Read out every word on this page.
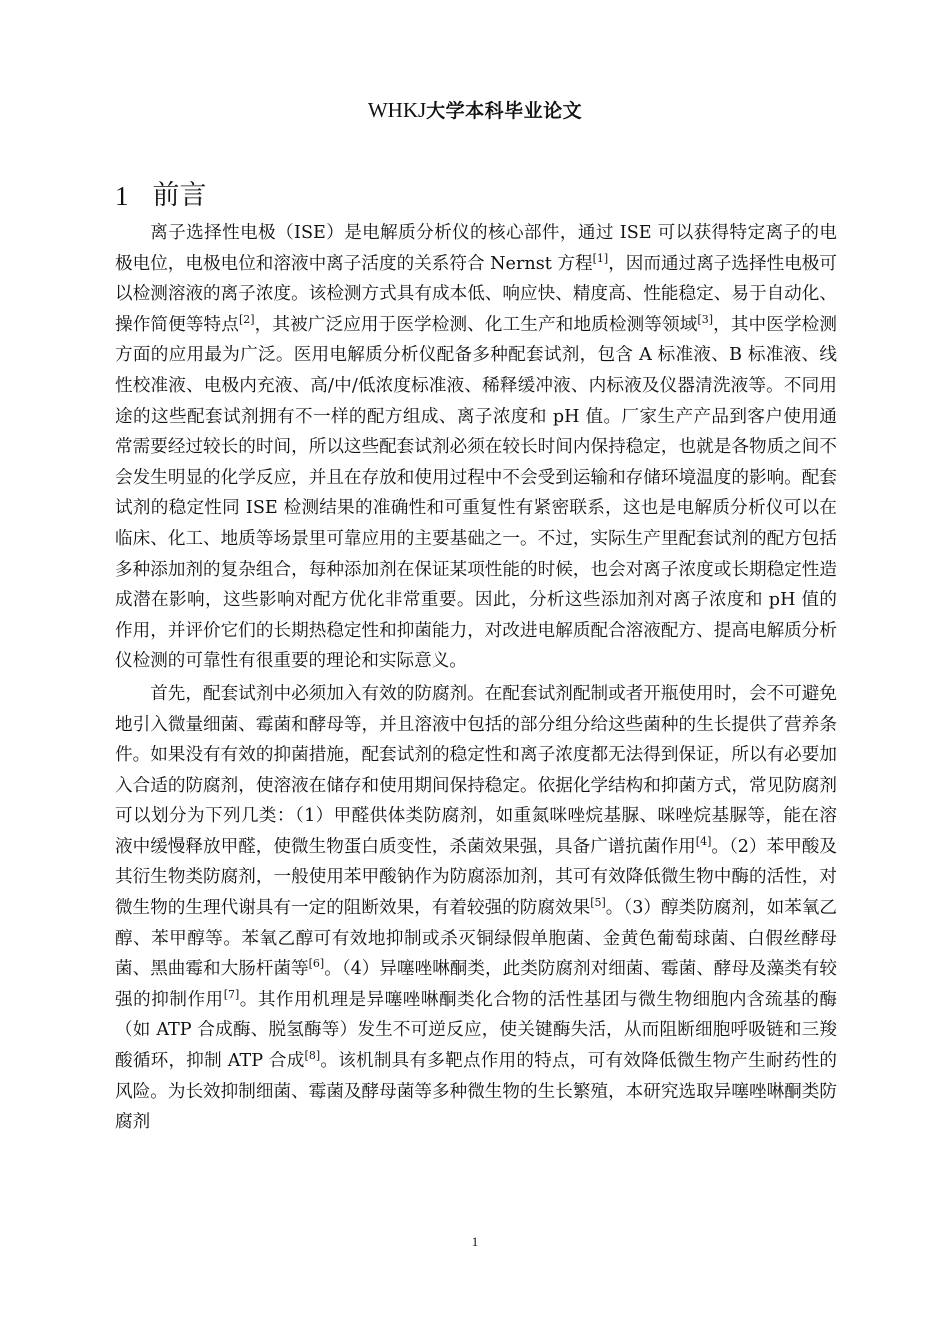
WHKJ大学本科毕业论文
1 前言

离子选择性电极（ISE）是电解质分析仪的核心部件，通过 ISE 可以获得特定离子的电极电位，电极电位和溶液中离子活度的关系符合 Nernst 方程[1]，因而通过离子选择性电极可以检测溶液的离子浓度。该检测方式具有成本低、响应快、精度高、性能稳定、易于自动化、操作简便等特点[2]，其被广泛应用于医学检测、化工生产和地质检测等领域[3]，其中医学检测方面的应用最为广泛。医用电解质分析仪配备多种配套试剂，包含 A 标准液、B 标准液、线性校准液、电极内充液、高/中/低浓度标准液、稀释缓冲液、内标液及仪器清洗液等。不同用途的这些配套试剂拥有不一样的配方组成、离子浓度和 pH 值。厂家生产产品到客户使用通常需要经过较长的时间，所以这些配套试剂必须在较长时间内保持稳定，也就是各物质之间不会发生明显的化学反应，并且在存放和使用过程中不会受到运输和存储环境温度的影响。配套试剂的稳定性同 ISE 检测结果的准确性和可重复性有紧密联系，这也是电解质分析仪可以在临床、化工、地质等场景里可靠应用的主要基础之一。不过，实际生产里配套试剂的配方包括多种添加剂的复杂组合，每种添加剂在保证某项性能的时候，也会对离子浓度或长期稳定性造成潜在影响，这些影响对配方优化非常重要。因此，分析这些添加剂对离子浓度和 pH 值的作用，并评价它们的长期热稳定性和抑菌能力，对改进电解质配合溶液配方、提高电解质分析仪检测的可靠性有很重要的理论和实际意义。

首先，配套试剂中必须加入有效的防腐剂。在配套试剂配制或者开瓶使用时，会不可避免地引入微量细菌、霉菌和酵母等，并且溶液中包括的部分组分给这些菌种的生长提供了营养条件。如果没有有效的抑菌措施，配套试剂的稳定性和离子浓度都无法得到保证，所以有必要加入合适的防腐剂，使溶液在储存和使用期间保持稳定。依据化学结构和抑菌方式，常见防腐剂可以划分为下列几类：（1）甲醛供体类防腐剂，如重氮咪唑烷基脲、咪唑烷基脲等，能在溶液中缓慢释放甲醛，使微生物蛋白质变性，杀菌效果强，具备广谱抗菌作用[4]。（2）苯甲酸及其衍生物类防腐剂，一般使用苯甲酸钠作为防腐添加剂，其可有效降低微生物中酶的活性，对微生物的生理代谢具有一定的阻断效果，有着较强的防腐效果[5]。（3）醇类防腐剂，如苯氧乙醇、苯甲醇等。苯氧乙醇可有效地抑制或杀灭铜绿假单胞菌、金黄色葡萄球菌、白假丝酵母菌、黑曲霉和大肠杆菌等[6]。（4）异噻唑啉酮类，此类防腐剂对细菌、霉菌、酵母及藻类有较强的抑制作用[7]。其作用机理是异噻唑啉酮类化合物的活性基团与微生物细胞内含巯基的酶（如 ATP 合成酶、脱氢酶等）发生不可逆反应，使关键酶失活，从而阻断细胞呼吸链和三羧酸循环，抑制 ATP 合成[8]。该机制具有多靶点作用的特点，可有效降低微生物产生耐药性的风险。为长效抑制细菌、霉菌及酵母菌等多种微生物的生长繁殖，本研究选取异噻唑啉酮类防腐剂

1
